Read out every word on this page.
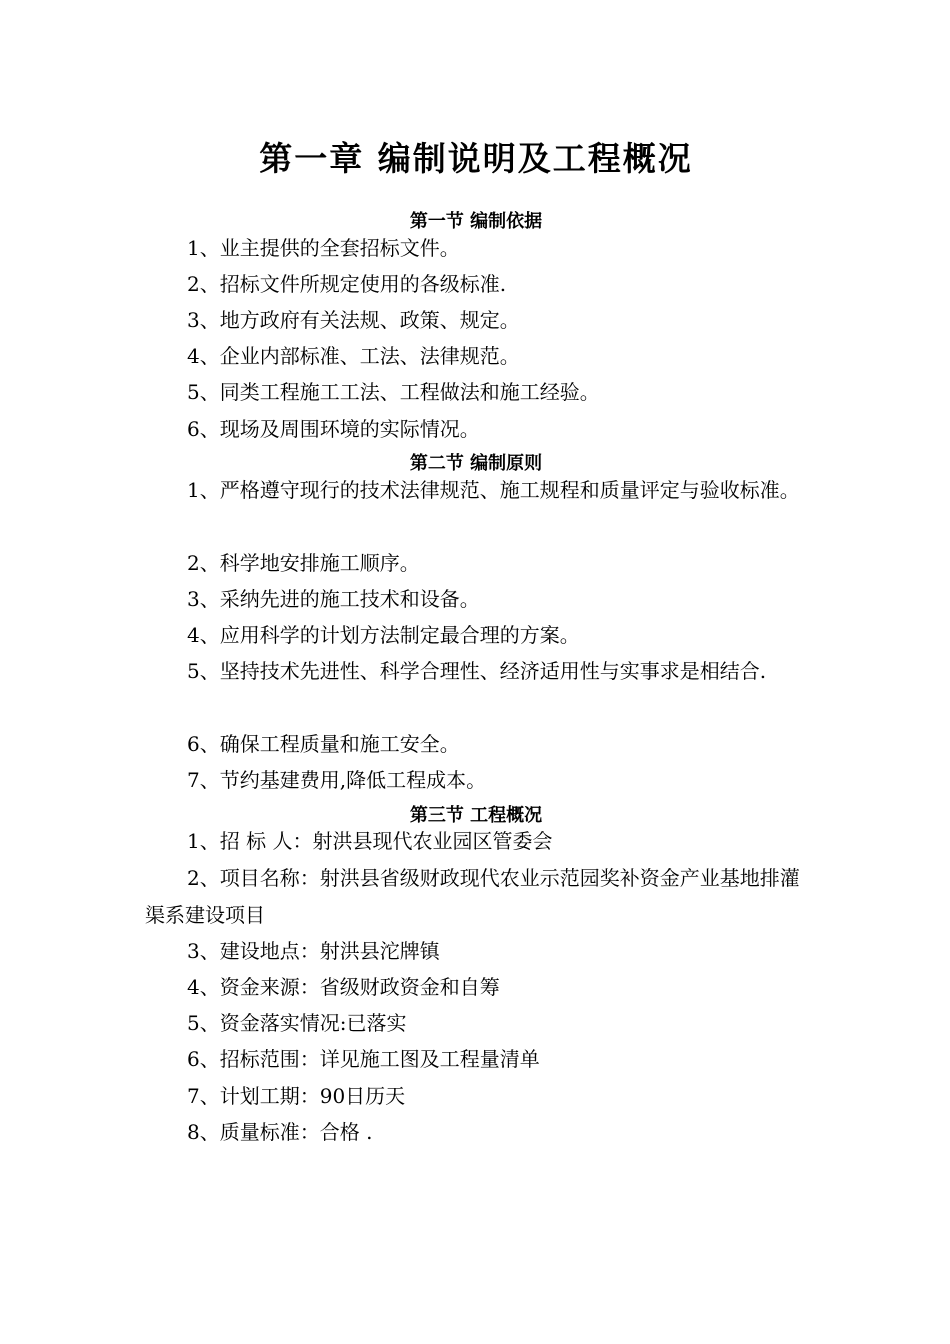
第一章 编制说明及工程概况
第一节 编制依据
1、业主提供的全套招标文件。
2、招标文件所规定使用的各级标准.
3、地方政府有关法规、政策、规定。
4、企业内部标准、工法、法律规范。
5、同类工程施工工法、工程做法和施工经验。
6、现场及周围环境的实际情况。
第二节 编制原则
1、严格遵守现行的技术法律规范、施工规程和质量评定与验收标准。
2、科学地安排施工顺序。
3、采纳先进的施工技术和设备。
4、应用科学的计划方法制定最合理的方案。
5、坚持技术先进性、科学合理性、经济适用性与实事求是相结合.
6、确保工程质量和施工安全。
7、节约基建费用,降低工程成本。
第三节 工程概况
1、招 标 人：射洪县现代农业园区管委会
2、项目名称：射洪县省级财政现代农业示范园奖补资金产业基地排灌渠系建设项目
3、建设地点：射洪县沱牌镇
4、资金来源：省级财政资金和自筹
5、资金落实情况:已落实
6、招标范围：详见施工图及工程量清单
7、计划工期：90日历天
8、质量标准：合格 .
